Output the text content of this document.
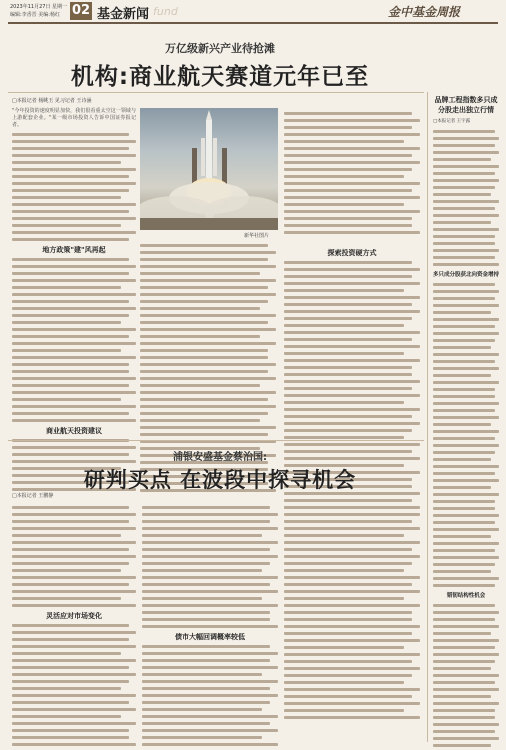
2023年11月27日 星期一
编辑:李香晋 美编:杨红 02 基金新闻 fund	金中基金周报
万亿级新兴产业待抢滩
机构:商业航天赛道元年已至
□本报记者 杨眺玉 见习记者 王诗涵
"今年投资的速度明显加快，我们很看重太空这一领域与上游配套企业。"某一级市场投资人告诉中国证券报记者。
地方政策"建"风再起
商业航天投资建议
新华社图片
探索投资硬方式
浦银安盛基金蔡治国:
研判买点 在波段中探寻机会
□本报记者 王鹏静
灵活应对市场变化
债市大幅回调概率较低
品牌工程指数多只成分股走出独立行情
□本报记者 王宇露
多只成分股获北向资金增持
韬韧结构性机会
